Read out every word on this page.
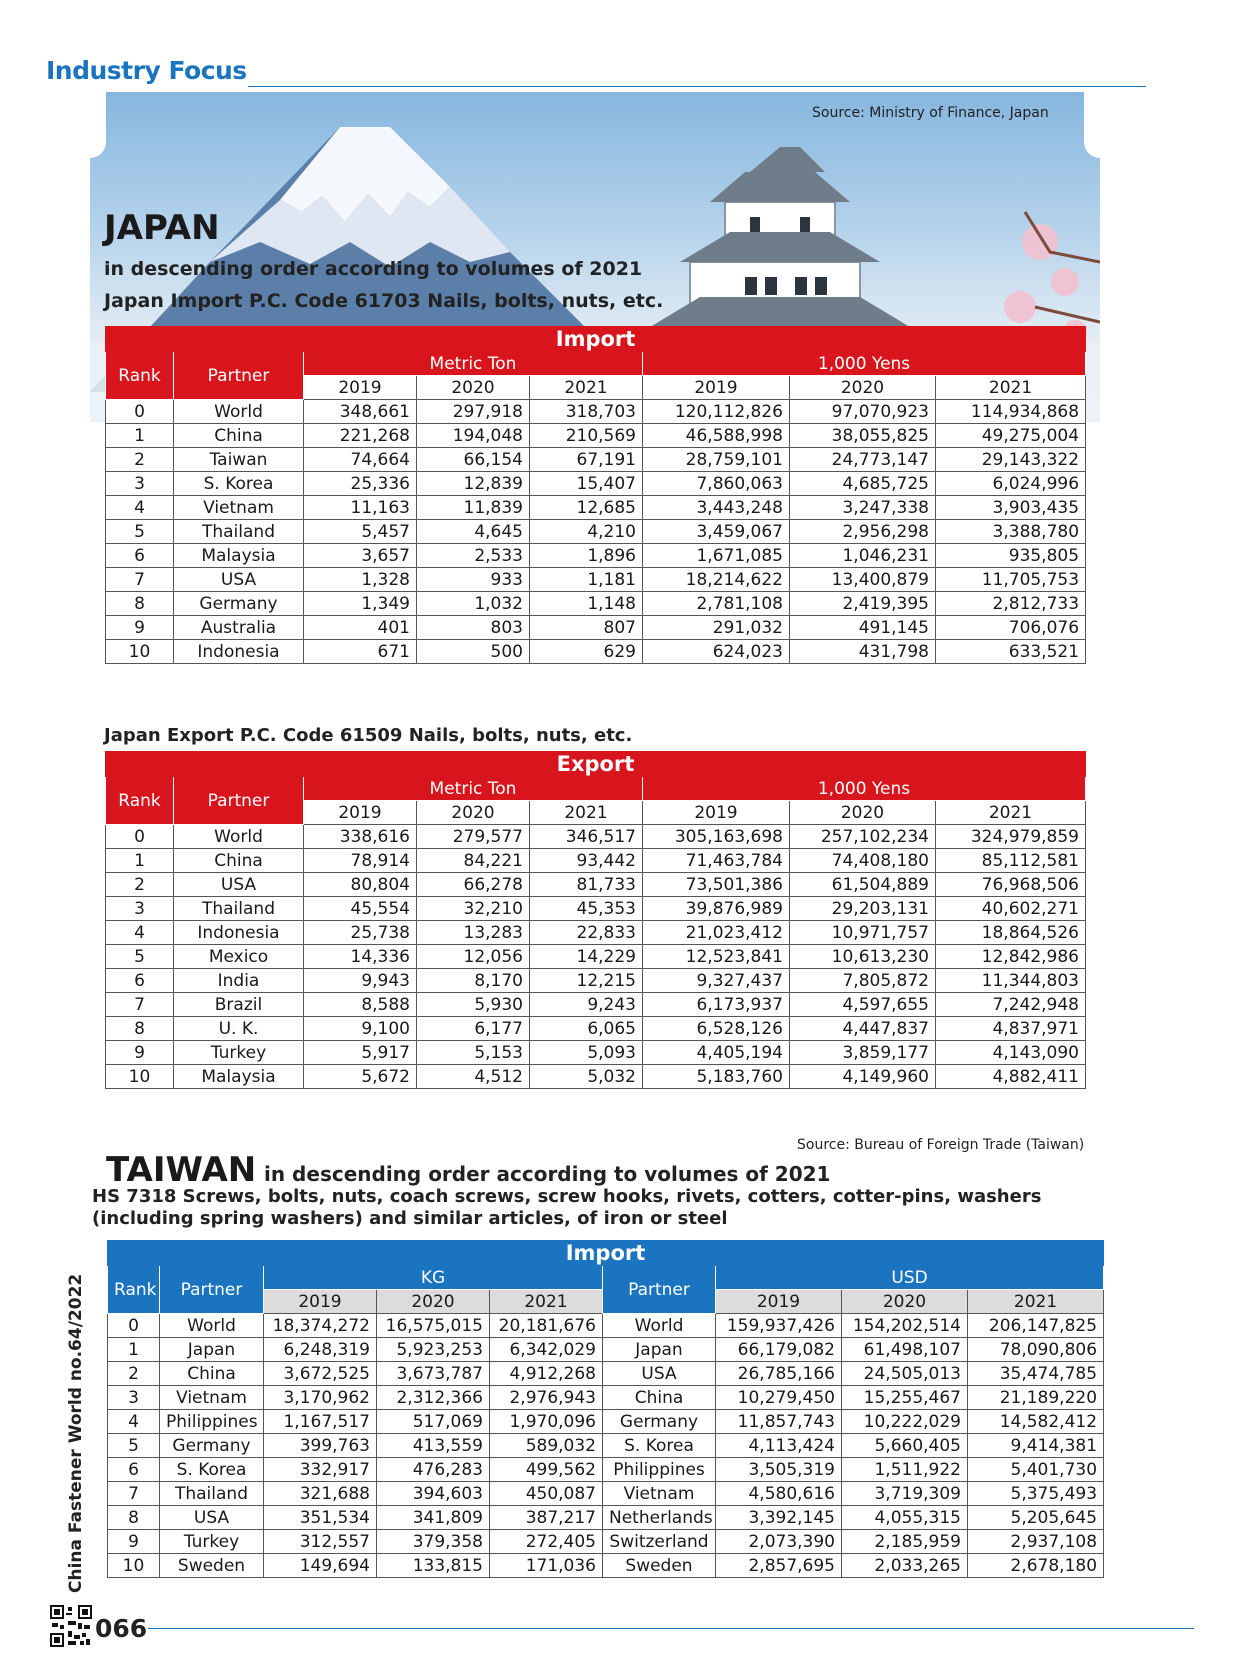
Industry Focus
Source: Ministry of Finance, Japan
JAPAN

in descending order according to volumes of 2021

Japan Import P.C. Code 61703 Nails, bolts, nuts, etc.

Import							
Rank	Partner	Metric Ton			1,000 Yens		
		2019	2020	2021	2019	2020	2021
0	World	348,661	297,918	318,703	120,112,826	97,070,923	114,934,868
1	China	221,268	194,048	210,569	46,588,998	38,055,825	49,275,004
2	Taiwan	74,664	66,154	67,191	28,759,101	24,773,147	29,143,322
3	S. Korea	25,336	12,839	15,407	7,860,063	4,685,725	6,024,996
4	Vietnam	11,163	11,839	12,685	3,443,248	3,247,338	3,903,435
5	Thailand	5,457	4,645	4,210	3,459,067	2,956,298	3,388,780
6	Malaysia	3,657	2,533	1,896	1,671,085	1,046,231	935,805
7	USA	1,328	933	1,181	18,214,622	13,400,879	11,705,753
8	Germany	1,349	1,032	1,148	2,781,108	2,419,395	2,812,733
9	Australia	401	803	807	291,032	491,145	706,076
10	Indonesia	671	500	629	624,023	431,798	633,521

Japan Export P.C. Code 61509 Nails, bolts, nuts, etc.

Export							
Rank	Partner	Metric Ton			1,000 Yens		
		2019	2020	2021	2019	2020	2021
0	World	338,616	279,577	346,517	305,163,698	257,102,234	324,979,859
1	China	78,914	84,221	93,442	71,463,784	74,408,180	85,112,581
2	USA	80,804	66,278	81,733	73,501,386	61,504,889	76,968,506
3	Thailand	45,554	32,210	45,353	39,876,989	29,203,131	40,602,271
4	Indonesia	25,738	13,283	22,833	21,023,412	10,971,757	18,864,526
5	Mexico	14,336	12,056	14,229	12,523,841	10,613,230	12,842,986
6	India	9,943	8,170	12,215	9,327,437	7,805,872	11,344,803
7	Brazil	8,588	5,930	9,243	6,173,937	4,597,655	7,242,948
8	U. K.	9,100	6,177	6,065	6,528,126	4,447,837	4,837,971
9	Turkey	5,917	5,153	5,093	4,405,194	3,859,177	4,143,090
10	Malaysia	5,672	4,512	5,032	5,183,760	4,149,960	4,882,411
Source: Bureau of Foreign Trade (Taiwan)
TAIWAN in descending order according to volumes of 2021

HS 7318 Screws, bolts, nuts, coach screws, screw hooks, rivets, cotters, cotter-pins, washers

(including spring washers) and similar articles, of iron or steel

Import								
Rank	Partner	KG			Partner	USD		
		2019	2020	2021		2019	2020	2021
0	World	18,374,272	16,575,015	20,181,676	World	159,937,426	154,202,514	206,147,825
1	Japan	6,248,319	5,923,253	6,342,029	Japan	66,179,082	61,498,107	78,090,806
2	China	3,672,525	3,673,787	4,912,268	USA	26,785,166	24,505,013	35,474,785
3	Vietnam	3,170,962	2,312,366	2,976,943	China	10,279,450	15,255,467	21,189,220
4	Philippines	1,167,517	517,069	1,970,096	Germany	11,857,743	10,222,029	14,582,412
5	Germany	399,763	413,559	589,032	S. Korea	4,113,424	5,660,405	9,414,381
6	S. Korea	332,917	476,283	499,562	Philippines	3,505,319	1,511,922	5,401,730
7	Thailand	321,688	394,603	450,087	Vietnam	4,580,616	3,719,309	5,375,493
8	USA	351,534	341,809	387,217	Netherlands	3,392,145	4,055,315	5,205,645
9	Turkey	312,557	379,358	272,405	Switzerland	2,073,390	2,185,959	2,937,108
10	Sweden	149,694	133,815	171,036	Sweden	2,857,695	2,033,265	2,678,180
China Fastener World no.64/2022
066
